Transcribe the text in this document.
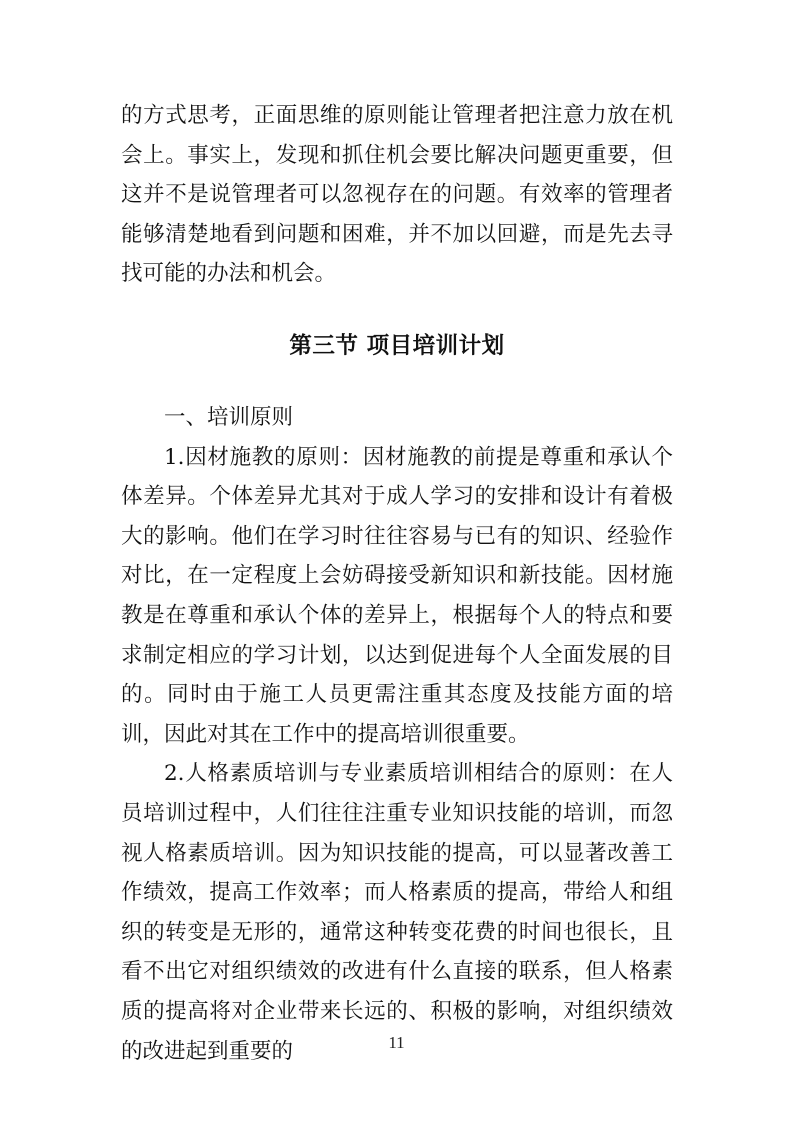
的方式思考，正面思维的原则能让管理者把注意力放在机会上。事实上，发现和抓住机会要比解决问题更重要，但这并不是说管理者可以忽视存在的问题。有效率的管理者能够清楚地看到问题和困难，并不加以回避，而是先去寻找可能的办法和机会。

第三节 项目培训计划

一、培训原则

1.因材施教的原则：因材施教的前提是尊重和承认个体差异。个体差异尤其对于成人学习的安排和设计有着极大的影响。他们在学习时往往容易与已有的知识、经验作对比，在一定程度上会妨碍接受新知识和新技能。因材施教是在尊重和承认个体的差异上，根据每个人的特点和要求制定相应的学习计划，以达到促进每个人全面发展的目的。同时由于施工人员更需注重其态度及技能方面的培训，因此对其在工作中的提高培训很重要。

2.人格素质培训与专业素质培训相结合的原则：在人员培训过程中，人们往往注重专业知识技能的培训，而忽视人格素质培训。因为知识技能的提高，可以显著改善工作绩效，提高工作效率；而人格素质的提高，带给人和组织的转变是无形的，通常这种转变花费的时间也很长，且看不出它对组织绩效的改进有什么直接的联系，但人格素质的提高将对企业带来长远的、积极的影响，对组织绩效的改进起到重要的	11
